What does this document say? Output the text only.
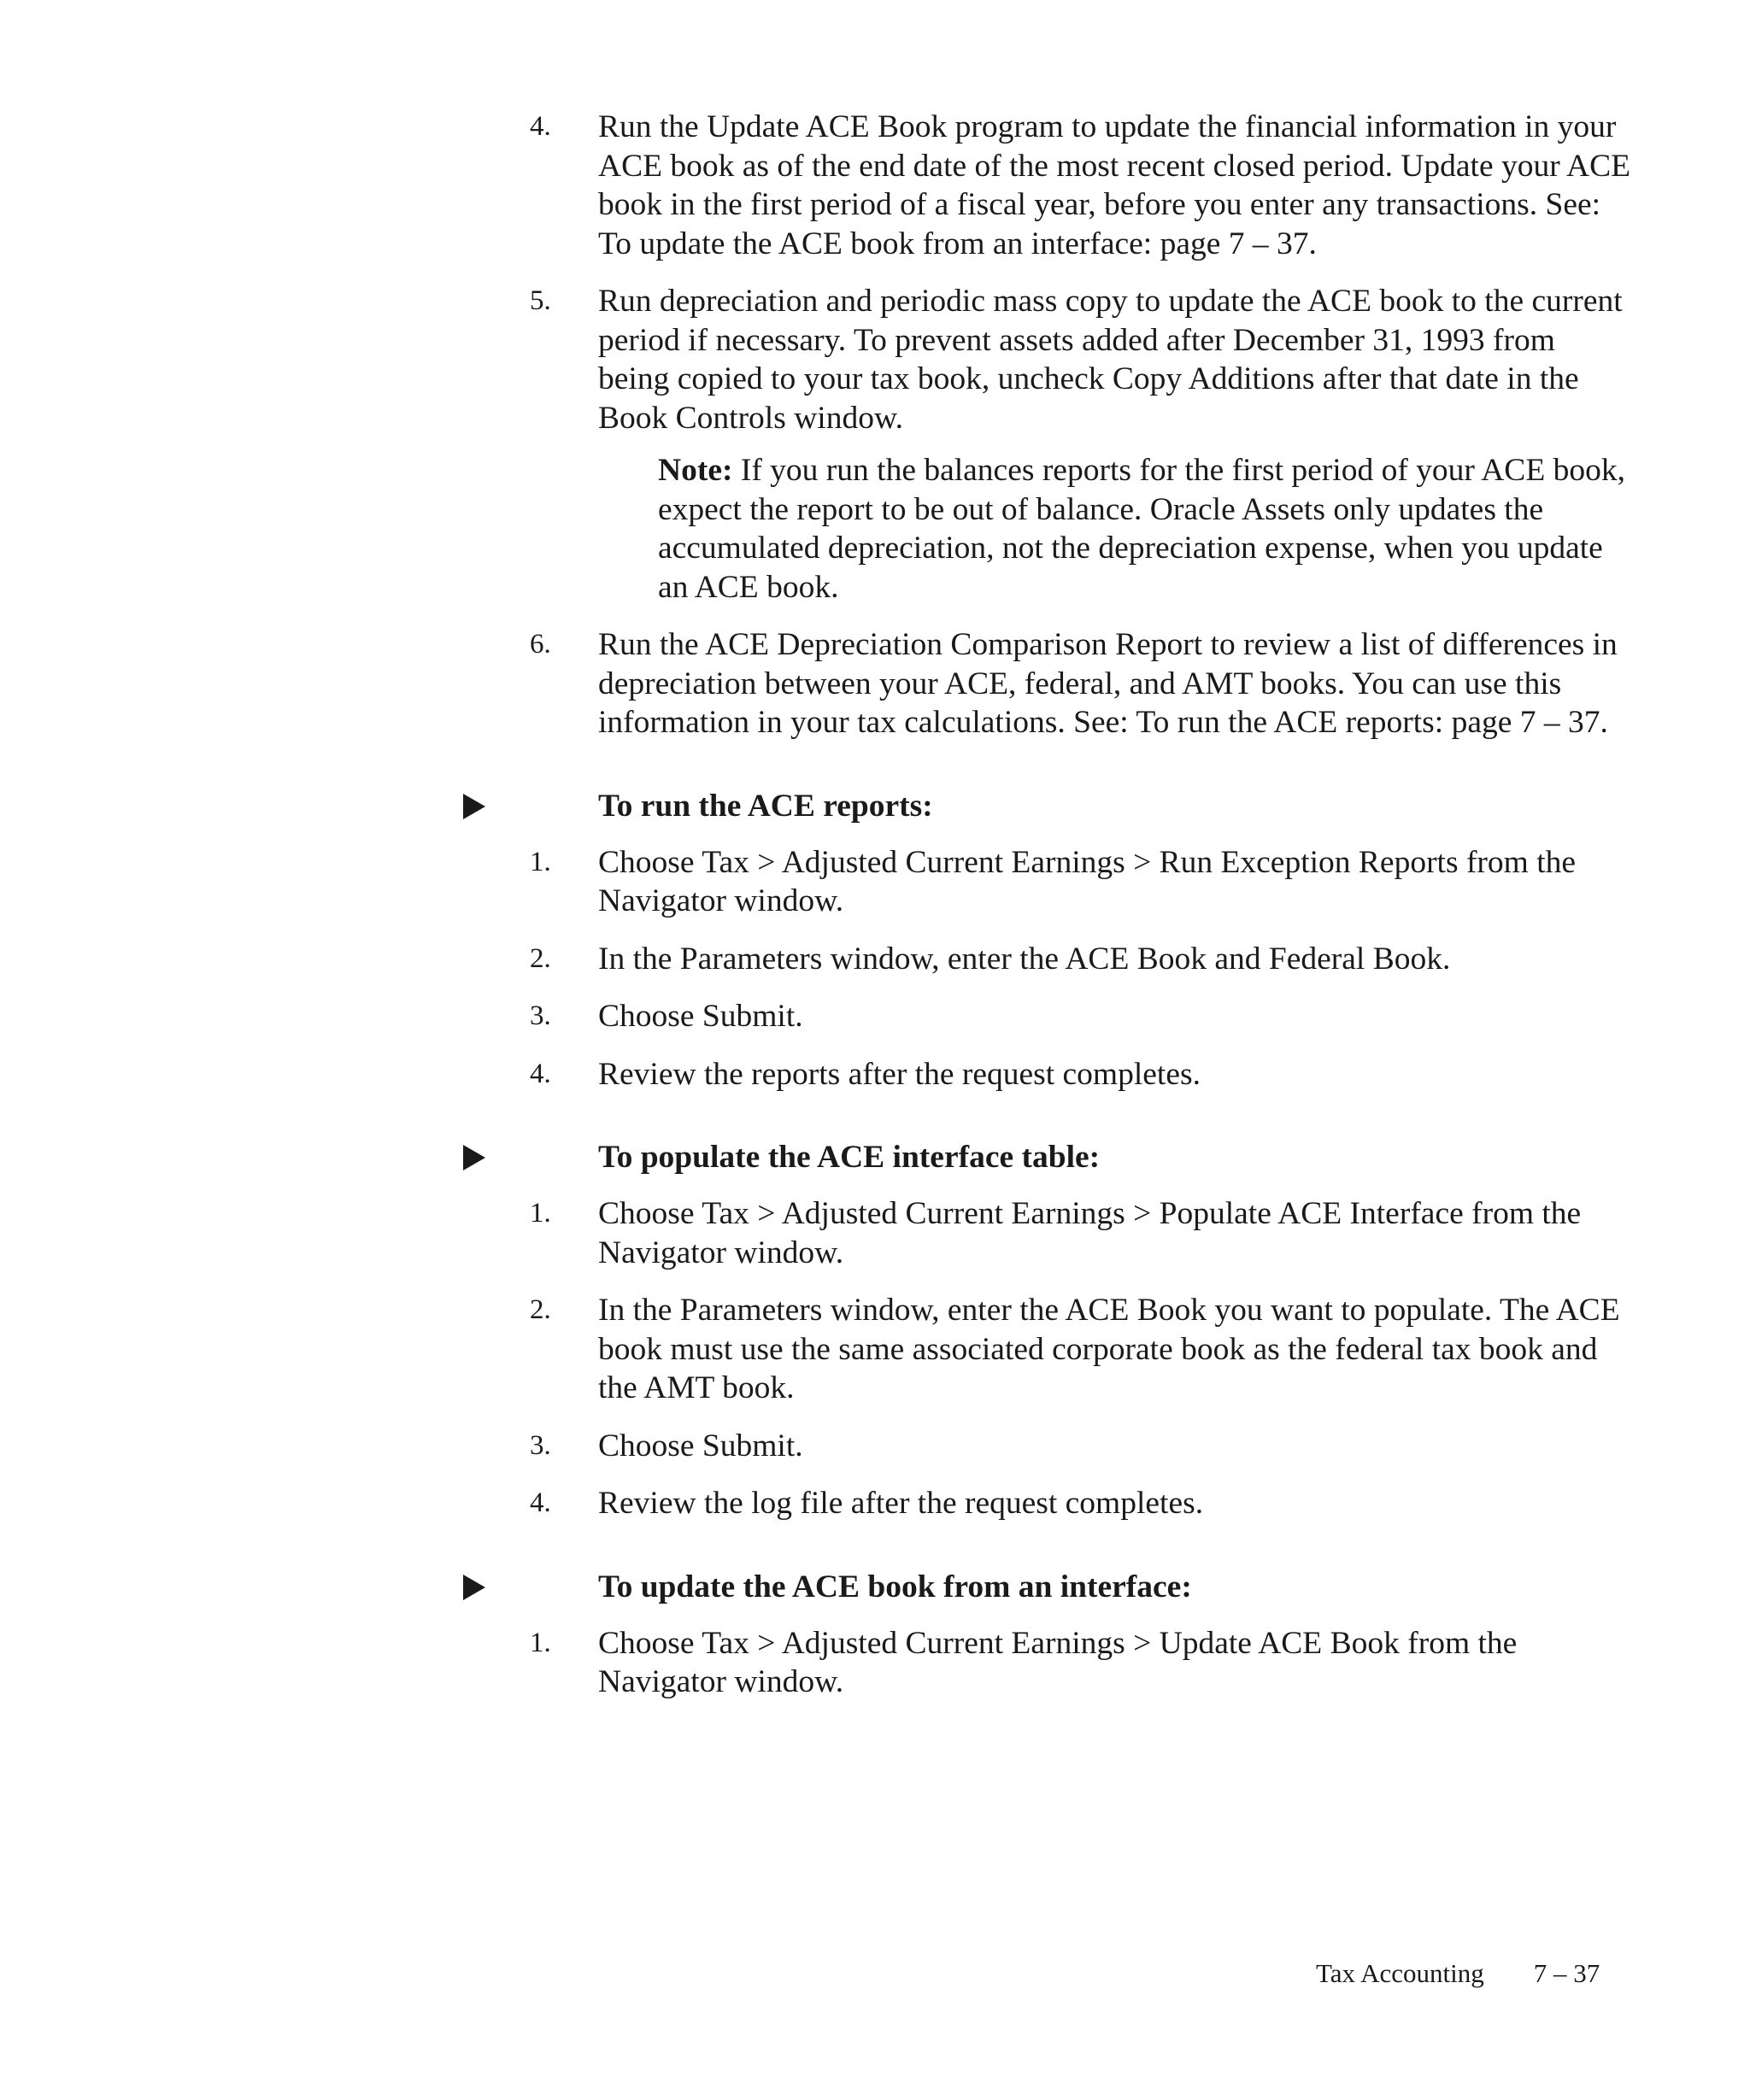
4.	Run the Update ACE Book program to update the financial information in your ACE book as of the end date of the most recent closed period. Update your ACE book in the first period of a fiscal year, before you enter any transactions. See: To update the ACE book from an interface: page 7 – 37.
5.	Run depreciation and periodic mass copy to update the ACE book to the current period if necessary. To prevent assets added after December 31, 1993 from being copied to your tax book, uncheck Copy Additions after that date in the Book Controls window.
Note: If you run the balances reports for the first period of your ACE book, expect the report to be out of balance. Oracle Assets only updates the accumulated depreciation, not the depreciation expense, when you update an ACE book.
6.	Run the ACE Depreciation Comparison Report to review a list of differences in depreciation between your ACE, federal, and AMT books. You can use this information in your tax calculations. See: To run the ACE reports: page 7 – 37.
To run the ACE reports:
1.	Choose Tax > Adjusted Current Earnings > Run Exception Reports from the Navigator window.
2.	In the Parameters window, enter the ACE Book and Federal Book.
3.	Choose Submit.
4.	Review the reports after the request completes.
To populate the ACE interface table:
1.	Choose Tax > Adjusted Current Earnings > Populate ACE Interface from the Navigator window.
2.	In the Parameters window, enter the ACE Book you want to populate. The ACE book must use the same associated corporate book as the federal tax book and the AMT book.
3.	Choose Submit.
4.	Review the log file after the request completes.
To update the ACE book from an interface:
1.	Choose Tax > Adjusted Current Earnings > Update ACE Book from the Navigator window.
Tax Accounting 7 – 37
